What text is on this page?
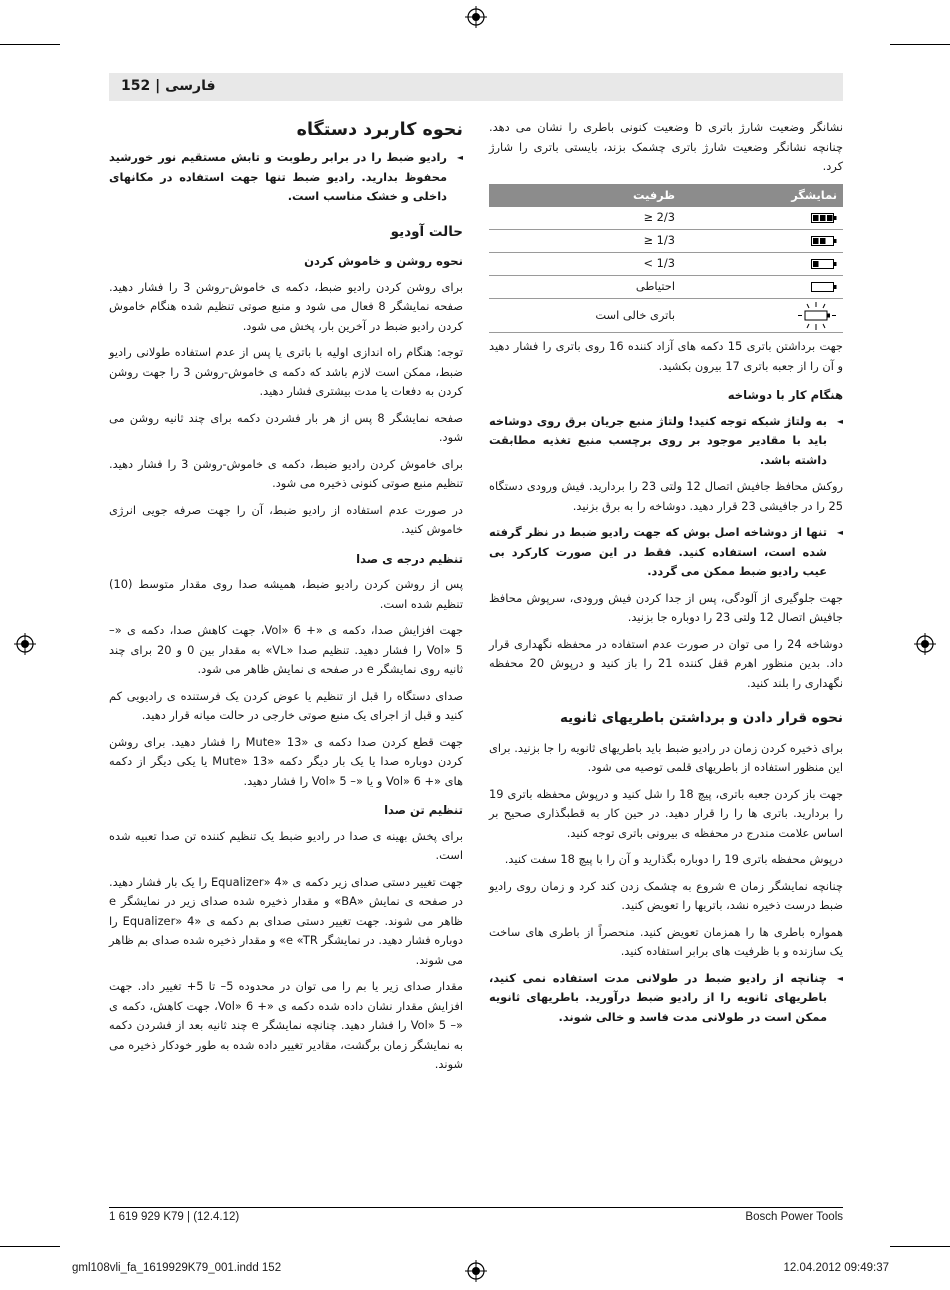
فارسی | 152

نشانگر وضعیت شارژ باتری b وضعیت کنونی باطری را نشان می دهد. چنانچه نشانگر وضعیت شارژ باتری چشمک بزند، بایستی باتری را شارژ کرد.

نمایشگر	ظرفیت
	≥ 2/3
	≥ 1/3
	< 1/3
	احتیاطی
	باتری خالی است

جهت برداشتن باتری 15 دکمه های آزاد کننده 16 روی باتری را فشار دهید و آن را از جعبه باتری 17 بیرون بکشید.

هنگام کار با دوشاخه

◄ به ولتاژ شبکه توجه کنید! ولتاژ منبع جریان برق روی دوشاخه باید با مقادیر موجود بر روی برچسب منبع تغذیه مطابقت داشته باشد.

روکش محافظ جافیش اتصال 12 ولتی 23 را بردارید. فیش ورودی دستگاه 25 را در جافیشی 23 قرار دهید. دوشاخه را به برق بزنید.

◄ تنها از دوشاخه اصل بوش که جهت رادیو ضبط در نظر گرفته شده است، استفاده کنید. فقط در این صورت کارکرد بی عیب رادیو ضبط ممکن می گردد.

جهت جلوگیری از آلودگی، پس از جدا کردن فیش ورودی، سرپوش محافظ جافیش اتصال 12 ولتی 23 را دوباره جا بزنید.

دوشاخه 24 را می توان در صورت عدم استفاده در محفظه نگهداری قرار داد. بدین منظور اهرم قفل کننده 21 را باز کنید و درپوش 20 محفظه نگهداری را بلند کنید.

نحوه قرار دادن و برداشتن باطریهای ثانویه

برای ذخیره کردن زمان در رادیو ضبط باید باطریهای ثانویه را جا بزنید. برای این منظور استفاده از باطریهای قلمی توصیه می شود.

جهت باز کردن جعبه باتری، پیچ 18 را شل کنید و درپوش محفظه باتری 19 را بردارید. باتری ها را را قرار دهید. در حین کار به قطبگذاری صحیح بر اساس علامت مندرج در محفظه ی بیرونی باتری توجه کنید.

درپوش محفظه باتری 19 را دوباره بگذارید و آن را با پیچ 18 سفت کنید.

چنانچه نمایشگر زمان e شروع به چشمک زدن کند کرد و زمان روی رادیو ضبط درست ذخیره نشد، باتریها را تعویض کنید.

همواره باطری ها را همزمان تعویض کنید. منحصراً از باطری های ساخت یک سازنده و با ظرفیت های برابر استفاده کنید.

◄ چنانچه از رادیو ضبط در طولانی مدت استفاده نمی کنید، باطریهای ثانویه را از رادیو ضبط درآورید. باطریهای ثانویه ممکن است در طولانی مدت فاسد و خالی شوند.

نحوه کاربرد دستگاه

◄ رادیو ضبط را در برابر رطوبت و تابش مستقیم نور خورشید محفوظ بدارید. رادیو ضبط تنها جهت استفاده در مکانهای داخلی و خشک مناسب است.

حالت آودیو
نحوه روشن و خاموش کردن

برای روشن کردن رادیو ضبط، دکمه ی خاموش-روشن 3 را فشار دهید. صفحه نمایشگر 8 فعال می شود و منبع صوتی تنظیم شده هنگام خاموش کردن رادیو ضبط در آخرین بار، پخش می شود.

توجه: هنگام راه اندازی اولیه با باتری یا پس از عدم استفاده طولانی رادیو ضبط، ممکن است لازم باشد که دکمه ی خاموش-روشن 3 را جهت روشن کردن به دفعات یا مدت بیشتری فشار دهید.

صفحه نمایشگر 8 پس از هر بار فشردن دکمه برای چند ثانیه روشن می شود.

برای خاموش کردن رادیو ضبط، دکمه ی خاموش-روشن 3 را فشار دهید. تنظیم منبع صوتی کنونی ذخیره می شود.

در صورت عدم استفاده از رادیو ضبط، آن را جهت صرفه جویی انرژی خاموش کنید.

تنظیم درجه ی صدا

پس از روشن کردن رادیو ضبط، همیشه صدا روی مقدار متوسط (10) تنظیم شده است.

جهت افزایش صدا، دکمه ی «+ Vol» 6، جهت کاهش صدا، دکمه ی «– Vol» 5 را فشار دهید. تنظیم صدا «VL» به مقدار بین 0 و 20 برای چند ثانیه روی نمایشگر e در صفحه ی نمایش ظاهر می شود.

صدای دستگاه را قبل از تنظیم یا عوض کردن یک فرستنده ی رادیویی کم کنید و قبل از اجرای یک منبع صوتی خارجی در حالت میانه قرار دهید.

جهت قطع کردن صدا دکمه ی «Mute» 13 را فشار دهید. برای روشن کردن دوباره صدا یا یک بار دیگر دکمه «Mute» 13 یا یکی دیگر از دکمه های «+ Vol» 6 و یا «– Vol» 5 را فشار دهید.

تنظیم تن صدا

برای پخش بهینه ی صدا در رادیو ضبط یک تنظیم کننده تن صدا تعبیه شده است.

جهت تغییر دستی صدای زیر دکمه ی «Equalizer» 4 را یک بار فشار دهید. در صفحه ی نمایش «BA» و مقدار ذخیره شده صدای زیر در نمایشگر e ظاهر می شوند. جهت تغییر دستی صدای بم دکمه ی «Equalizer» 4 را دوباره فشار دهید. در نمایشگر e «TR» و مقدار ذخیره شده صدای بم ظاهر می شوند.

مقدار صدای زیر یا بم را می توان در محدوده 5– تا 5+ تغییر داد. جهت افزایش مقدار نشان داده شده دکمه ی «+ Vol» 6، جهت کاهش، دکمه ی «– Vol» 5 را فشار دهید. چنانچه نمایشگر e چند ثانیه بعد از فشردن دکمه به نمایشگر زمان برگشت، مقادیر تغییر داده شده به طور خودکار ذخیره می شوند.

1 619 929 K79 | (12.4.12)	Bosch Power Tools
gml108vli_fa_1619929K79_001.indd 152	12.04.2012 09:49:37
